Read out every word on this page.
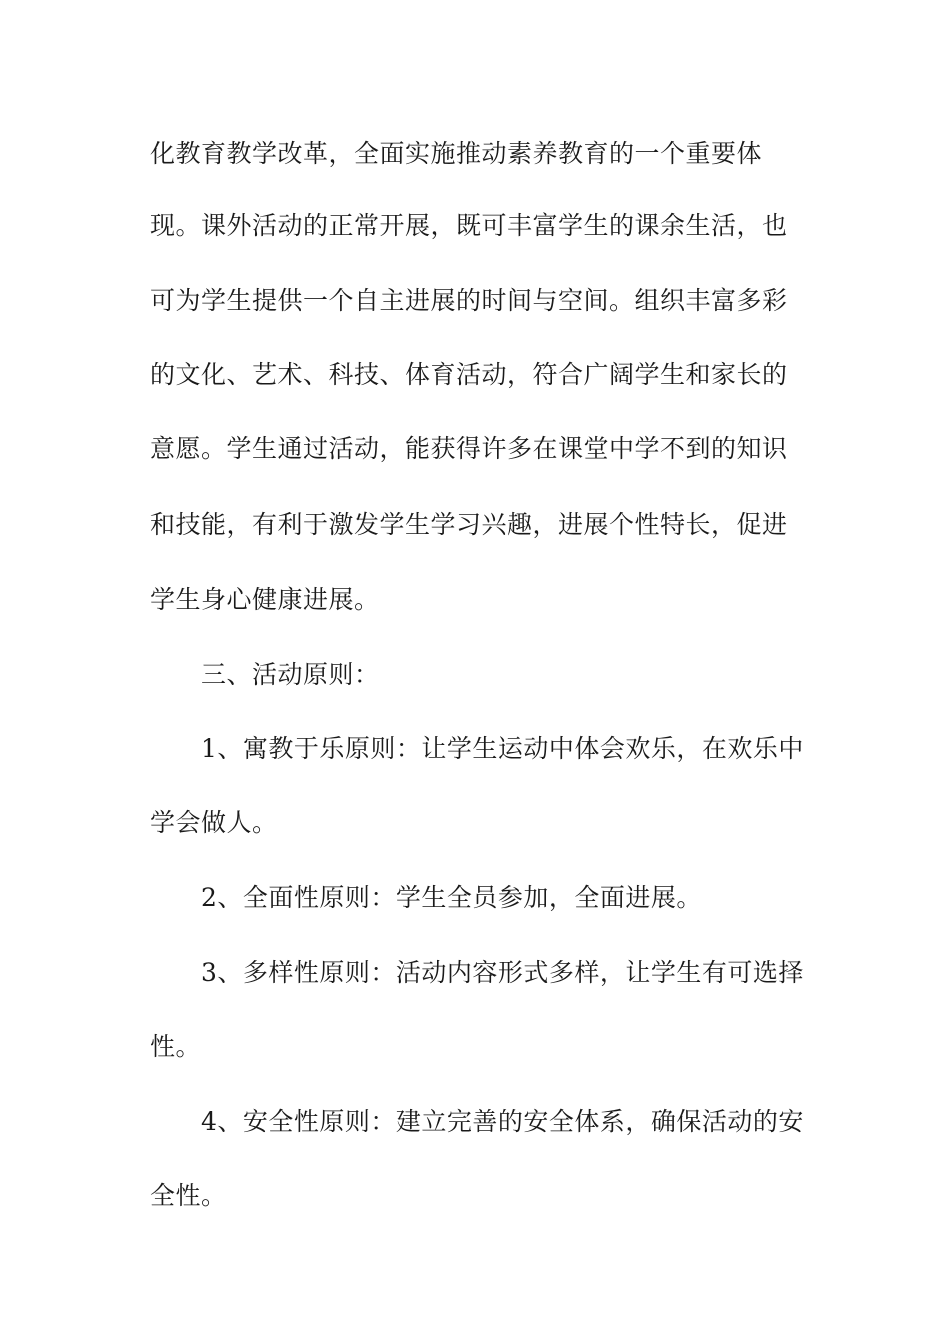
化教育教学改革，全面实施推动素养教育的一个重要体
现。课外活动的正常开展，既可丰富学生的课余生活，也
可为学生提供一个自主进展的时间与空间。组织丰富多彩
的文化、艺术、科技、体育活动，符合广阔学生和家长的
意愿。学生通过活动，能获得许多在课堂中学不到的知识
和技能，有利于激发学生学习兴趣，进展个性特长，促进
学生身心健康进展。
三、活动原则：
1、寓教于乐原则：让学生运动中体会欢乐，在欢乐中
学会做人。
2、全面性原则：学生全员参加，全面进展。
3、多样性原则：活动内容形式多样，让学生有可选择
性。
4、安全性原则：建立完善的安全体系，确保活动的安
全性。
